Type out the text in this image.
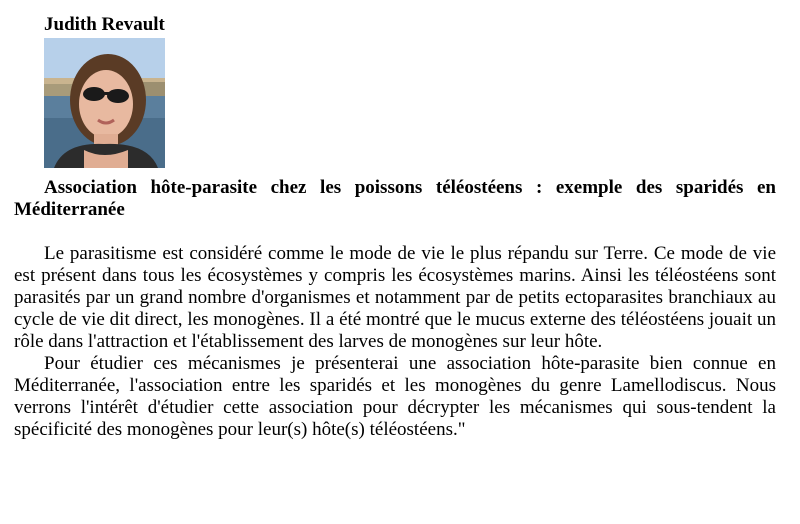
Judith Revault
Association hôte-parasite chez les poissons téléostéens : exemple des sparidés en Méditerranée

Le parasitisme est considéré comme le mode de vie le plus répandu sur Terre. Ce mode de vie est présent dans tous les écosystèmes y compris les écosystèmes marins. Ainsi les téléostéens sont parasités par un grand nombre d'organismes et notamment par de petits ectoparasites branchiaux au cycle de vie dit direct, les monogènes. Il a été montré que le mucus externe des téléostéens jouait un rôle dans l'attraction et l'établissement des larves de monogènes sur leur hôte.

Pour étudier ces mécanismes je présenterai une association hôte-parasite bien connue en Méditerranée, l'association entre les sparidés et les monogènes du genre Lamellodiscus. Nous verrons l'intérêt d'étudier cette association pour décrypter les mécanismes qui sous-tendent la spécificité des monogènes pour leur(s) hôte(s) téléostéens."
